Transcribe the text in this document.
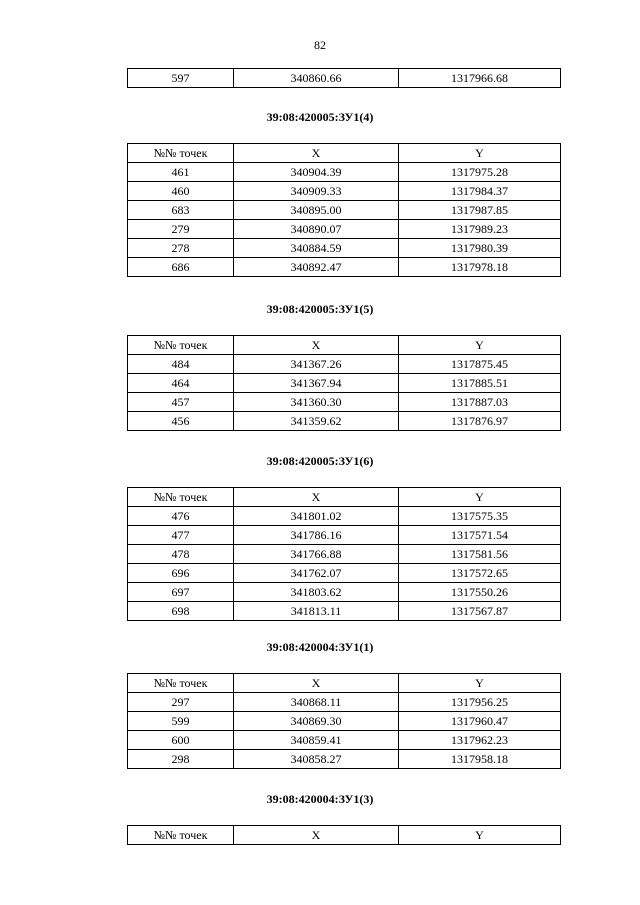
82
597	340860.66	1317966.68
39:08:420005:ЗУ1(4)
№№ точек	X	Y
461	340904.39	1317975.28
460	340909.33	1317984.37
683	340895.00	1317987.85
279	340890.07	1317989.23
278	340884.59	1317980.39
686	340892.47	1317978.18
39:08:420005:ЗУ1(5)
№№ точек	X	Y
484	341367.26	1317875.45
464	341367.94	1317885.51
457	341360.30	1317887.03
456	341359.62	1317876.97
39:08:420005:ЗУ1(6)
№№ точек	X	Y
476	341801.02	1317575.35
477	341786.16	1317571.54
478	341766.88	1317581.56
696	341762.07	1317572.65
697	341803.62	1317550.26
698	341813.11	1317567.87
39:08:420004:ЗУ1(1)
№№ точек	X	Y
297	340868.11	1317956.25
599	340869.30	1317960.47
600	340859.41	1317962.23
298	340858.27	1317958.18
39:08:420004:ЗУ1(3)
№№ точек	X	Y
